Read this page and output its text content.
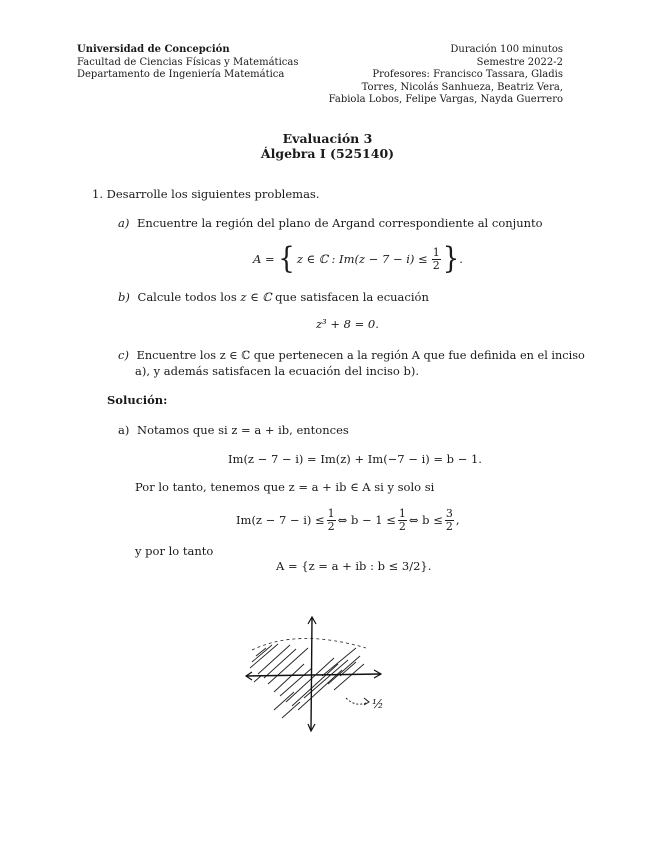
Universidad de Concepción
Facultad de Ciencias Físicas y Matemáticas
Departamento de Ingeniería Matemática
Duración 100 minutos
Semestre 2022-2
Profesores: Francisco Tassara, Gladis
Torres, Nicolás Sanhueza, Beatriz Vera,
Fabiola Lobos, Felipe Vargas, Nayda Guerrero
Evaluación 3
Álgebra I (525140)
1. Desarrolle los siguientes problemas.
a) Encuentre la región del plano de Argand correspondiente al conjunto
A = { z ∈ ℂ : $Im(z - 7 - i) \le \frac{1}{2}$ } .
b) Calcule todos los z ∈ ℂ que satisfacen la ecuación
z³ + 8 = 0.
c) Encuentre los z ∈ ℂ que pertenecen a la región A que fue definida en el inciso
a), y además satisfacen la ecuación del inciso b).
Solución:
a) Notamos que si z = a + ib, entonces
Im(z − 7 − i) = Im(z) + Im(−7 − i) = b − 1.
Por lo tanto, tenemos que z = a + ib ∈ A si y solo si
$Im(z - 7 - i) \le \frac{1}{2}$ ⇔ $b - 1 \le \frac{1}{2}$ ⇔ $b \le \frac{3}{2}$ ,
y por lo tanto
A = {z = a + ib : b ≤ 3/2}.
½
